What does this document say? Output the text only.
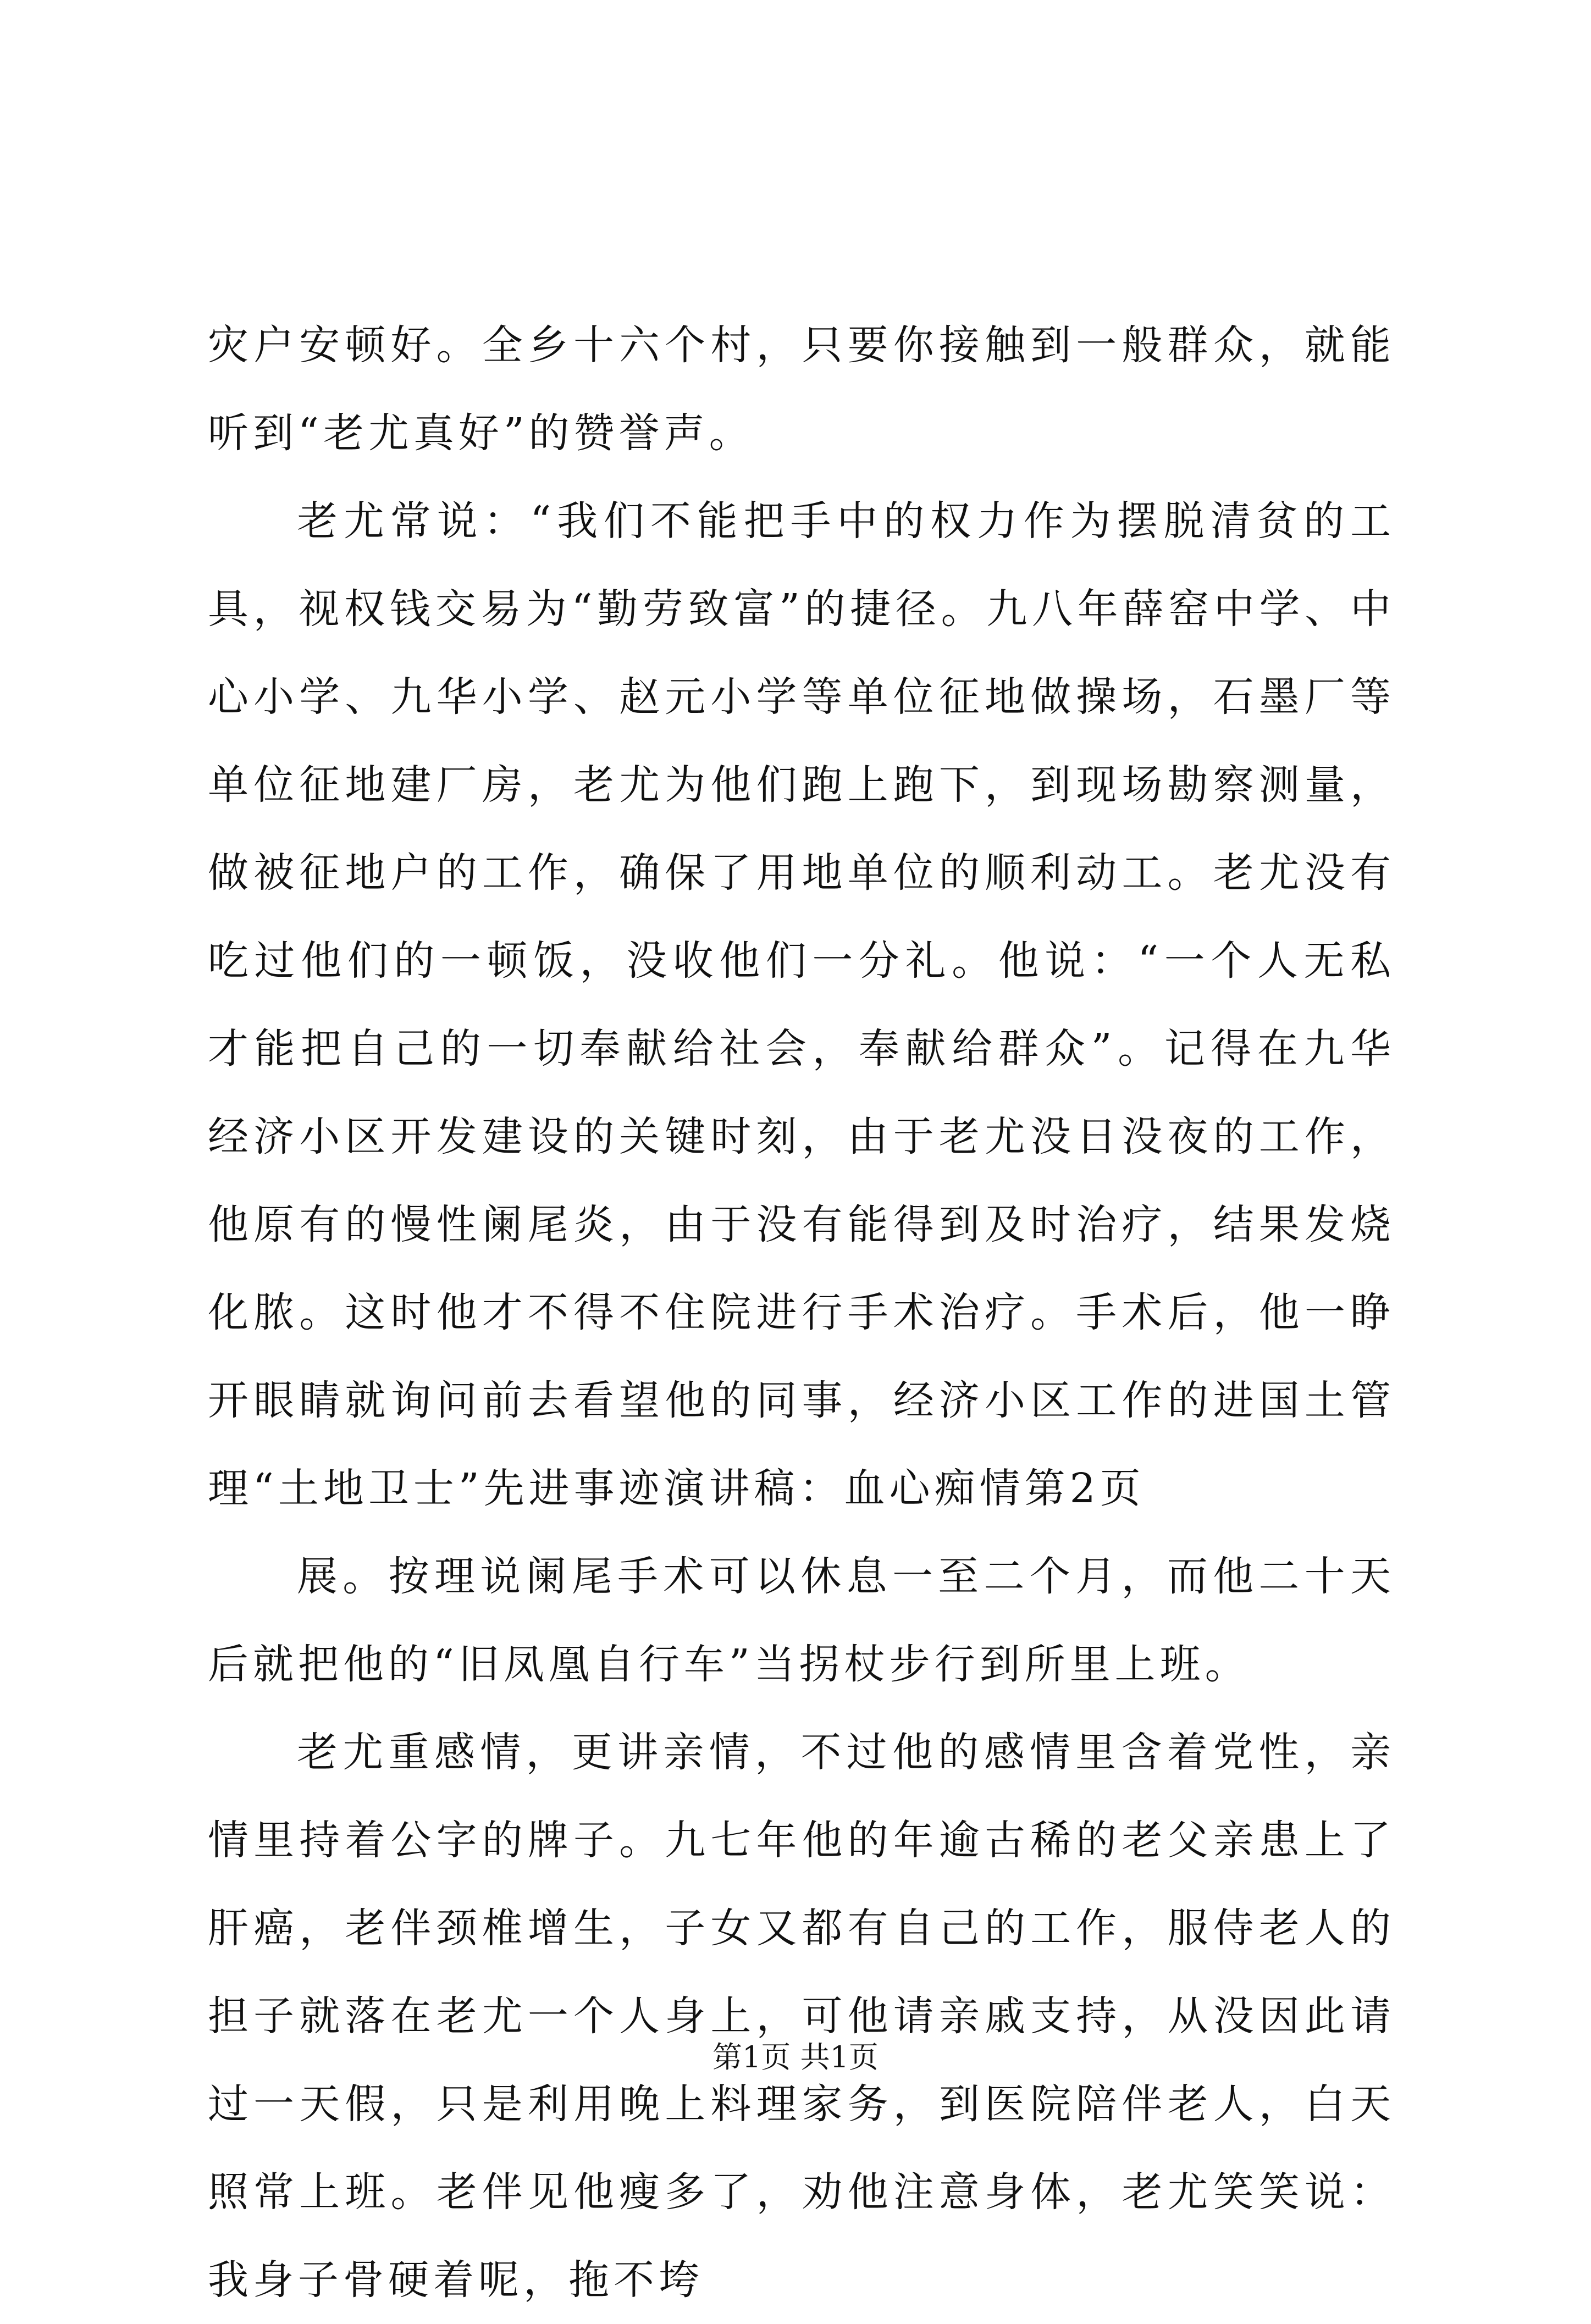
灾户安顿好。全乡十六个村，只要你接触到一般群众，就能听到“老尤真好”的赞誉声。

老尤常说：“我们不能把手中的权力作为摆脱清贫的工具，视权钱交易为“勤劳致富”的捷径。九八年薛窑中学、中心小学、九华小学、赵元小学等单位征地做操场，石墨厂等单位征地建厂房，老尤为他们跑上跑下，到现场勘察测量，做被征地户的工作，确保了用地单位的顺利动工。老尤没有吃过他们的一顿饭，没收他们一分礼。他说：“一个人无私才能把自己的一切奉献给社会，奉献给群众”。记得在九华经济小区开发建设的关键时刻，由于老尤没日没夜的工作，他原有的慢性阑尾炎，由于没有能得到及时治疗，结果发烧化脓。这时他才不得不住院进行手术治疗。手术后，他一睁开眼睛就询问前去看望他的同事，经济小区工作的进国土管理“土地卫士”先进事迹演讲稿：血心痴情第2页

展。按理说阑尾手术可以休息一至二个月，而他二十天后就把他的“旧凤凰自行车”当拐杖步行到所里上班。

老尤重感情，更讲亲情，不过他的感情里含着党性，亲情里持着公字的牌子。九七年他的年逾古稀的老父亲患上了肝癌，老伴颈椎增生，子女又都有自己的工作，服侍老人的担子就落在老尤一个人身上，可他请亲戚支持，从没因此请过一天假，只是利用晚上料理家务，到医院陪伴老人，白天照常上班。老伴见他瘦多了，劝他注意身体，老尤笑笑说：我身子骨硬着呢，拖不垮

第1页 共1页
